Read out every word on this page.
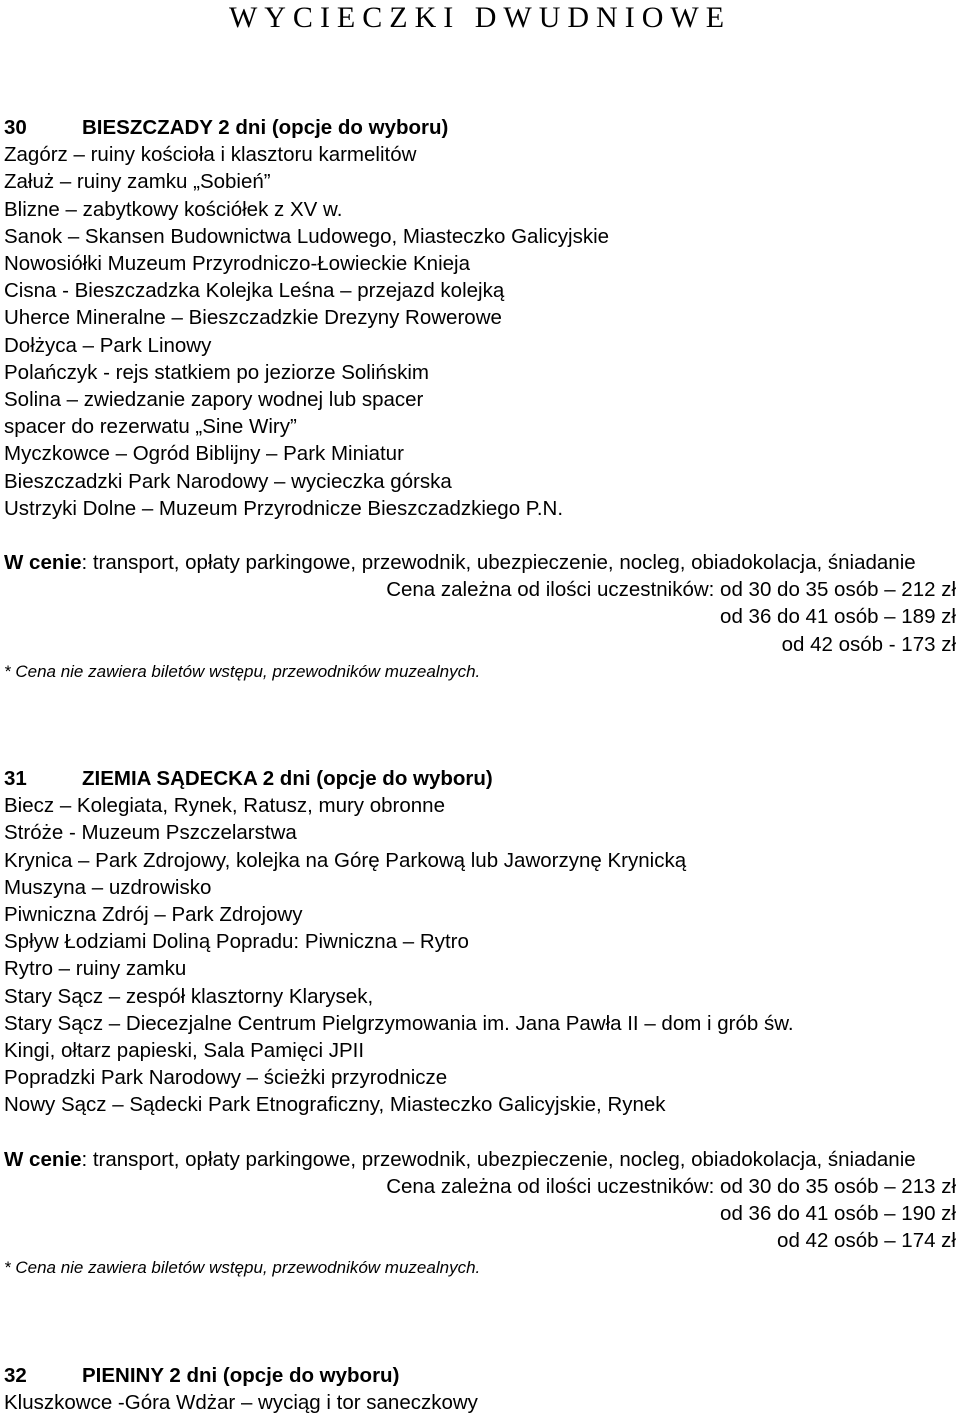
WYCIECZKI DWUDNIOWE
30	BIESZCZADY 2 dni (opcje do wyboru)
Zagórz – ruiny kościoła i klasztoru karmelitów
Załuż – ruiny zamku „Sobień”
Blizne – zabytkowy kościółek z XV w.
Sanok – Skansen Budownictwa Ludowego, Miasteczko Galicyjskie
Nowosiółki Muzeum Przyrodniczo-Łowieckie Knieja
Cisna - Bieszczadzka Kolejka Leśna – przejazd kolejką
Uherce Mineralne – Bieszczadzkie Drezyny Rowerowe
Dołżyca – Park Linowy
Polańczyk - rejs statkiem po jeziorze Solińskim
Solina – zwiedzanie zapory wodnej lub spacer
spacer do rezerwatu „Sine Wiry”
Myczkowce – Ogród Biblijny – Park Miniatur
Bieszczadzki Park Narodowy – wycieczka górska
Ustrzyki Dolne – Muzeum Przyrodnicze Bieszczadzkiego P.N.
W cenie: transport, opłaty parkingowe, przewodnik, ubezpieczenie, nocleg, obiadokolacja, śniadanie
Cena zależna od ilości uczestników: od 30 do 35 osób – 212 zł
od 36 do 41 osób – 189 zł
od 42 osób - 173 zł
* Cena nie zawiera biletów wstępu, przewodników muzealnych.
31	ZIEMIA SĄDECKA 2 dni (opcje do wyboru)
Biecz – Kolegiata, Rynek, Ratusz, mury obronne
Stróże - Muzeum Pszczelarstwa
Krynica – Park Zdrojowy, kolejka na Górę Parkową lub Jaworzynę Krynicką
Muszyna – uzdrowisko
Piwniczna Zdrój – Park Zdrojowy
Spływ Łodziami Doliną Popradu: Piwniczna – Rytro
Rytro – ruiny zamku
Stary Sącz – zespół klasztorny Klarysek,
Stary Sącz – Diecezjalne Centrum Pielgrzymowania im. Jana Pawła II – dom i grób św.
Kingi, ołtarz papieski, Sala Pamięci JPII
Popradzki Park Narodowy – ścieżki przyrodnicze
Nowy Sącz – Sądecki Park Etnograficzny, Miasteczko Galicyjskie, Rynek
W cenie: transport, opłaty parkingowe, przewodnik, ubezpieczenie, nocleg, obiadokolacja, śniadanie
Cena zależna od ilości uczestników: od 30 do 35 osób – 213 zł
od 36 do 41 osób – 190 zł
od 42 osób – 174 zł
* Cena nie zawiera biletów wstępu, przewodników muzealnych.
32	PIENINY 2 dni (opcje do wyboru)
Kluszkowce -Góra Wdżar – wyciąg i tor saneczkowy
